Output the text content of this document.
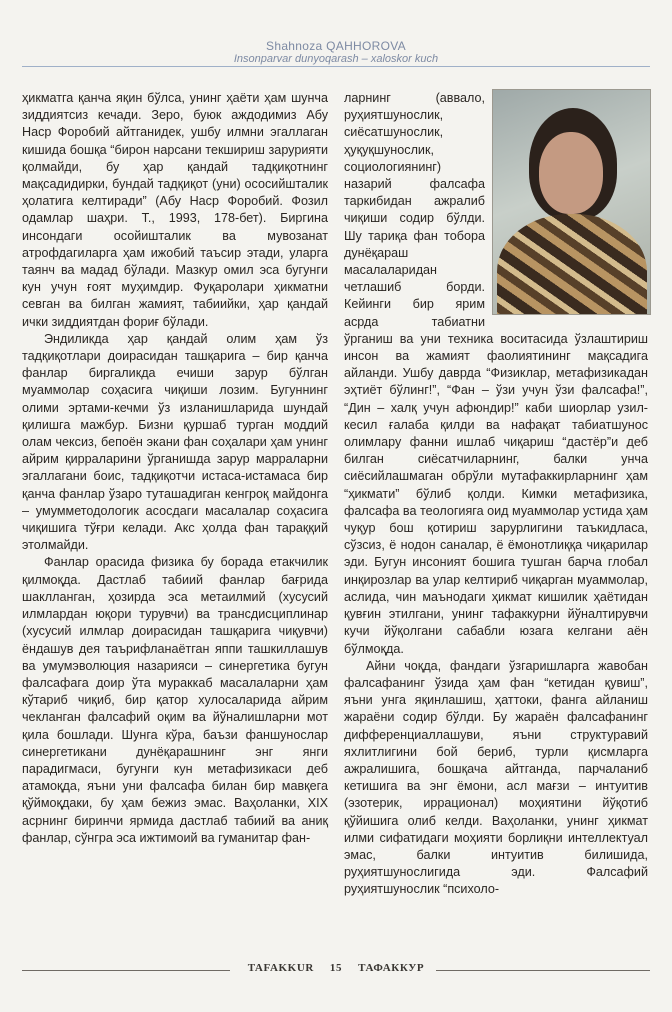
Shahnoza QAHHOROVA
Insonparvar dunyoqarash – xaloskor kuch

ҳикматга қанча яқин бўлса, унинг ҳаёти ҳам шунча зиддиятсиз кечади. Зеро, буюк аждодимиз Абу Наср Форобий айтганидек, ушбу илмни эгаллаган кишида бошқа “бирон нарсани текшириш зарурияти қолмайди, бу ҳар қандай тадқиқотнинг мақсадидирки, бундай тадқиқот (уни) ососийшталик ҳолатига келтиради” (Абу Наср Форобий. Фозил одамлар шаҳри. Т., 1993, 178-бет). Биргина инсондаги осойишталик ва мувозанат атрофдагиларга ҳам ижобий таъсир этади, уларга таянч ва мадад бўлади. Мазкур омил эса бугунги кун учун ғоят муҳимдир. Фуқаролари ҳикматни севган ва билган жамият, табиийки, ҳар қандай ички зиддиятдан фориғ бўлади.

Эндиликда ҳар қандай олим ҳам ўз тадқиқотлари доирасидан ташқарига – бир қанча фанлар биргаликда ечиши зарур бўлган муаммолар соҳасига чиқиши лозим. Бугуннинг олими эртами-кечми ўз изланишларида шундай қилишга мажбур. Бизни қуршаб турган моддий олам чексиз, бепоён экани фан соҳалари ҳам унинг айрим қирраларини ўрганишда зарур марраларни эгаллагани боис, тадқиқотчи истаса-истамаса бир қанча фанлар ўзаро туташадиган кенгроқ майдонга – умумметодологик асосдаги масалалар соҳасига чиқишига тўғри келади. Акс ҳолда фан тараққий этолмайди.

Фанлар орасида физика бу борада етакчилик қилмоқда. Дастлаб табиий фанлар бағрида шаклланган, ҳозирда эса метаилмий (хусусий илмлардан юқори турувчи) ва трансдисциплинар (хусусий илмлар доирасидан ташқарига чиқувчи) ёндашув дея таърифланаётган яппи ташкиллашув ва умумэволюция назарияси – синергетика бугун фалсафага доир ўта мураккаб масалаларни ҳам кўтариб чиқиб, бир қатор хулосаларида айрим чекланган фалсафий оқим ва йўналишларни мот қила бошлади. Шунга кўра, баъзи фаншунослар синергетикани дунёқарашнинг энг янги парадигмаси, бугунги кун метафизикаси деб атамоқда, яъни уни фалсафа билан бир мавқега қўймоқдаки, бу ҳам бежиз эмас. Ваҳоланки, XIX асрнинг биринчи ярмида дастлаб табиий ва аниқ фанлар, сўнгра эса ижтимоий ва гуманитар фан-

ларнинг (аввало, руҳиятшунослик, сиёсатшунослик, ҳуқуқшунослик, социологиянинг) назарий фалсафа таркибидан ажралиб чиқиши содир бўлди. Шу тариқа фан тобора дунёқараш масалаларидан четлашиб борди. Кейинги бир ярим асрда табиатни ўрганиш ва уни техника воситасида ўзлаштириш инсон ва жамият фаолиятининг мақсадига айланди. Ушбу даврда “Физиклар, метафизикадан эҳтиёт бўлинг!”, “Фан – ўзи учун ўзи фалсафа!”, “Дин – халқ учун афюндир!” каби шиорлар узил-кесил ғалаба қилди ва нафақат табиатшунос олимлару фанни ишлаб чиқариш “дастёр”и деб билган сиёсатчиларнинг, балки унча сиёсийлашмаган обрўли мутафаккирларнинг ҳам “ҳикмати” бўлиб қолди. Кимки метафизика, фалсафа ва теологияга оид муаммолар устида ҳам чуқур бош қотириш зарурлигини таъкидласа, сўзсиз, ё нодон саналар, ё ёмонотлиққа чиқарилар эди. Бугун инсоният бошига тушган барча глобал инқирозлар ва улар келтириб чиқарган муаммолар, аслида, чин маънодаги ҳикмат кишилик ҳаётидан қувғин этилгани, унинг тафаккурни йўналтирувчи кучи йўқолгани сабабли юзага келгани аён бўлмоқда.

Айни чоқда, фандаги ўзгаришларга жавобан фалсафанинг ўзида ҳам фан “кетидан қувиш”, яъни унга яқинлашиш, ҳаттоки, фанга айланиш жараёни содир бўлди. Бу жараён фалсафанинг дифференциаллашуви, яъни структуравий яхлитлигини бой бериб, турли қисмларга ажралишига, бошқача айтганда, парчаланиб кетишига ва энг ёмони, асл мағзи – интуитив (эзотерик, иррационал) моҳиятини йўқотиб қўйишига олиб келди. Ваҳоланки, унинг ҳикмат илми сифатидаги моҳияти борлиқни интеллектуал эмас, балки интуитив билишида, руҳиятшунослигида эди. Фалсафий руҳиятшунослик “психоло-

TAFAKKUR 15 ТАФАККУР
